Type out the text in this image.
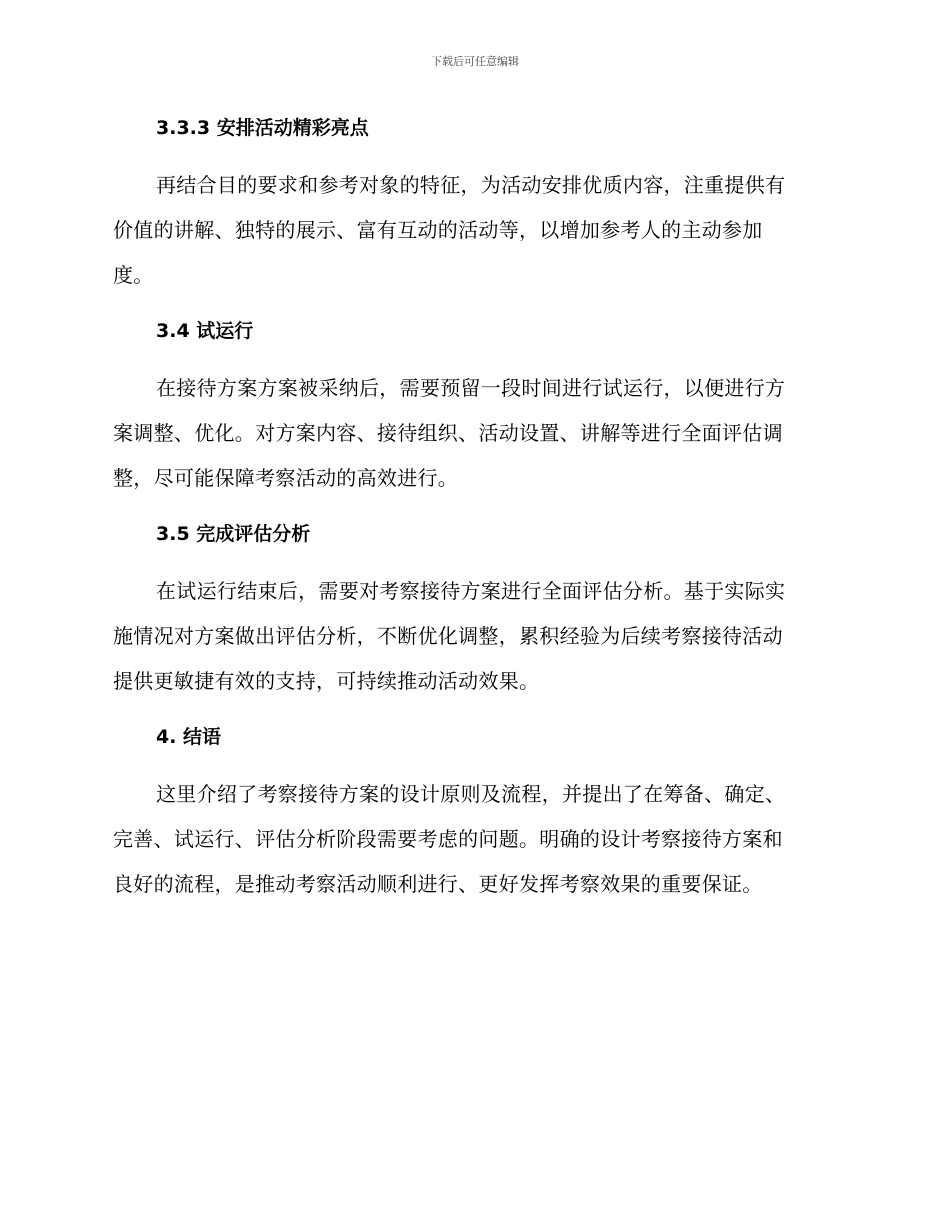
下载后可任意编辑
3.3.3 安排活动精彩亮点
再结合目的要求和参考对象的特征，为活动安排优质内容，注重提供有
价值的讲解、独特的展示、富有互动的活动等，以增加参考人的主动参加
度。
3.4 试运行
在接待方案方案被采纳后，需要预留一段时间进行试运行，以便进行方
案调整、优化。对方案内容、接待组织、活动设置、讲解等进行全面评估调
整，尽可能保障考察活动的高效进行。
3.5 完成评估分析
在试运行结束后，需要对考察接待方案进行全面评估分析。基于实际实
施情况对方案做出评估分析，不断优化调整，累积经验为后续考察接待活动
提供更敏捷有效的支持，可持续推动活动效果。
4. 结语
这里介绍了考察接待方案的设计原则及流程，并提出了在筹备、确定、
完善、试运行、评估分析阶段需要考虑的问题。明确的设计考察接待方案和
良好的流程，是推动考察活动顺利进行、更好发挥考察效果的重要保证。
